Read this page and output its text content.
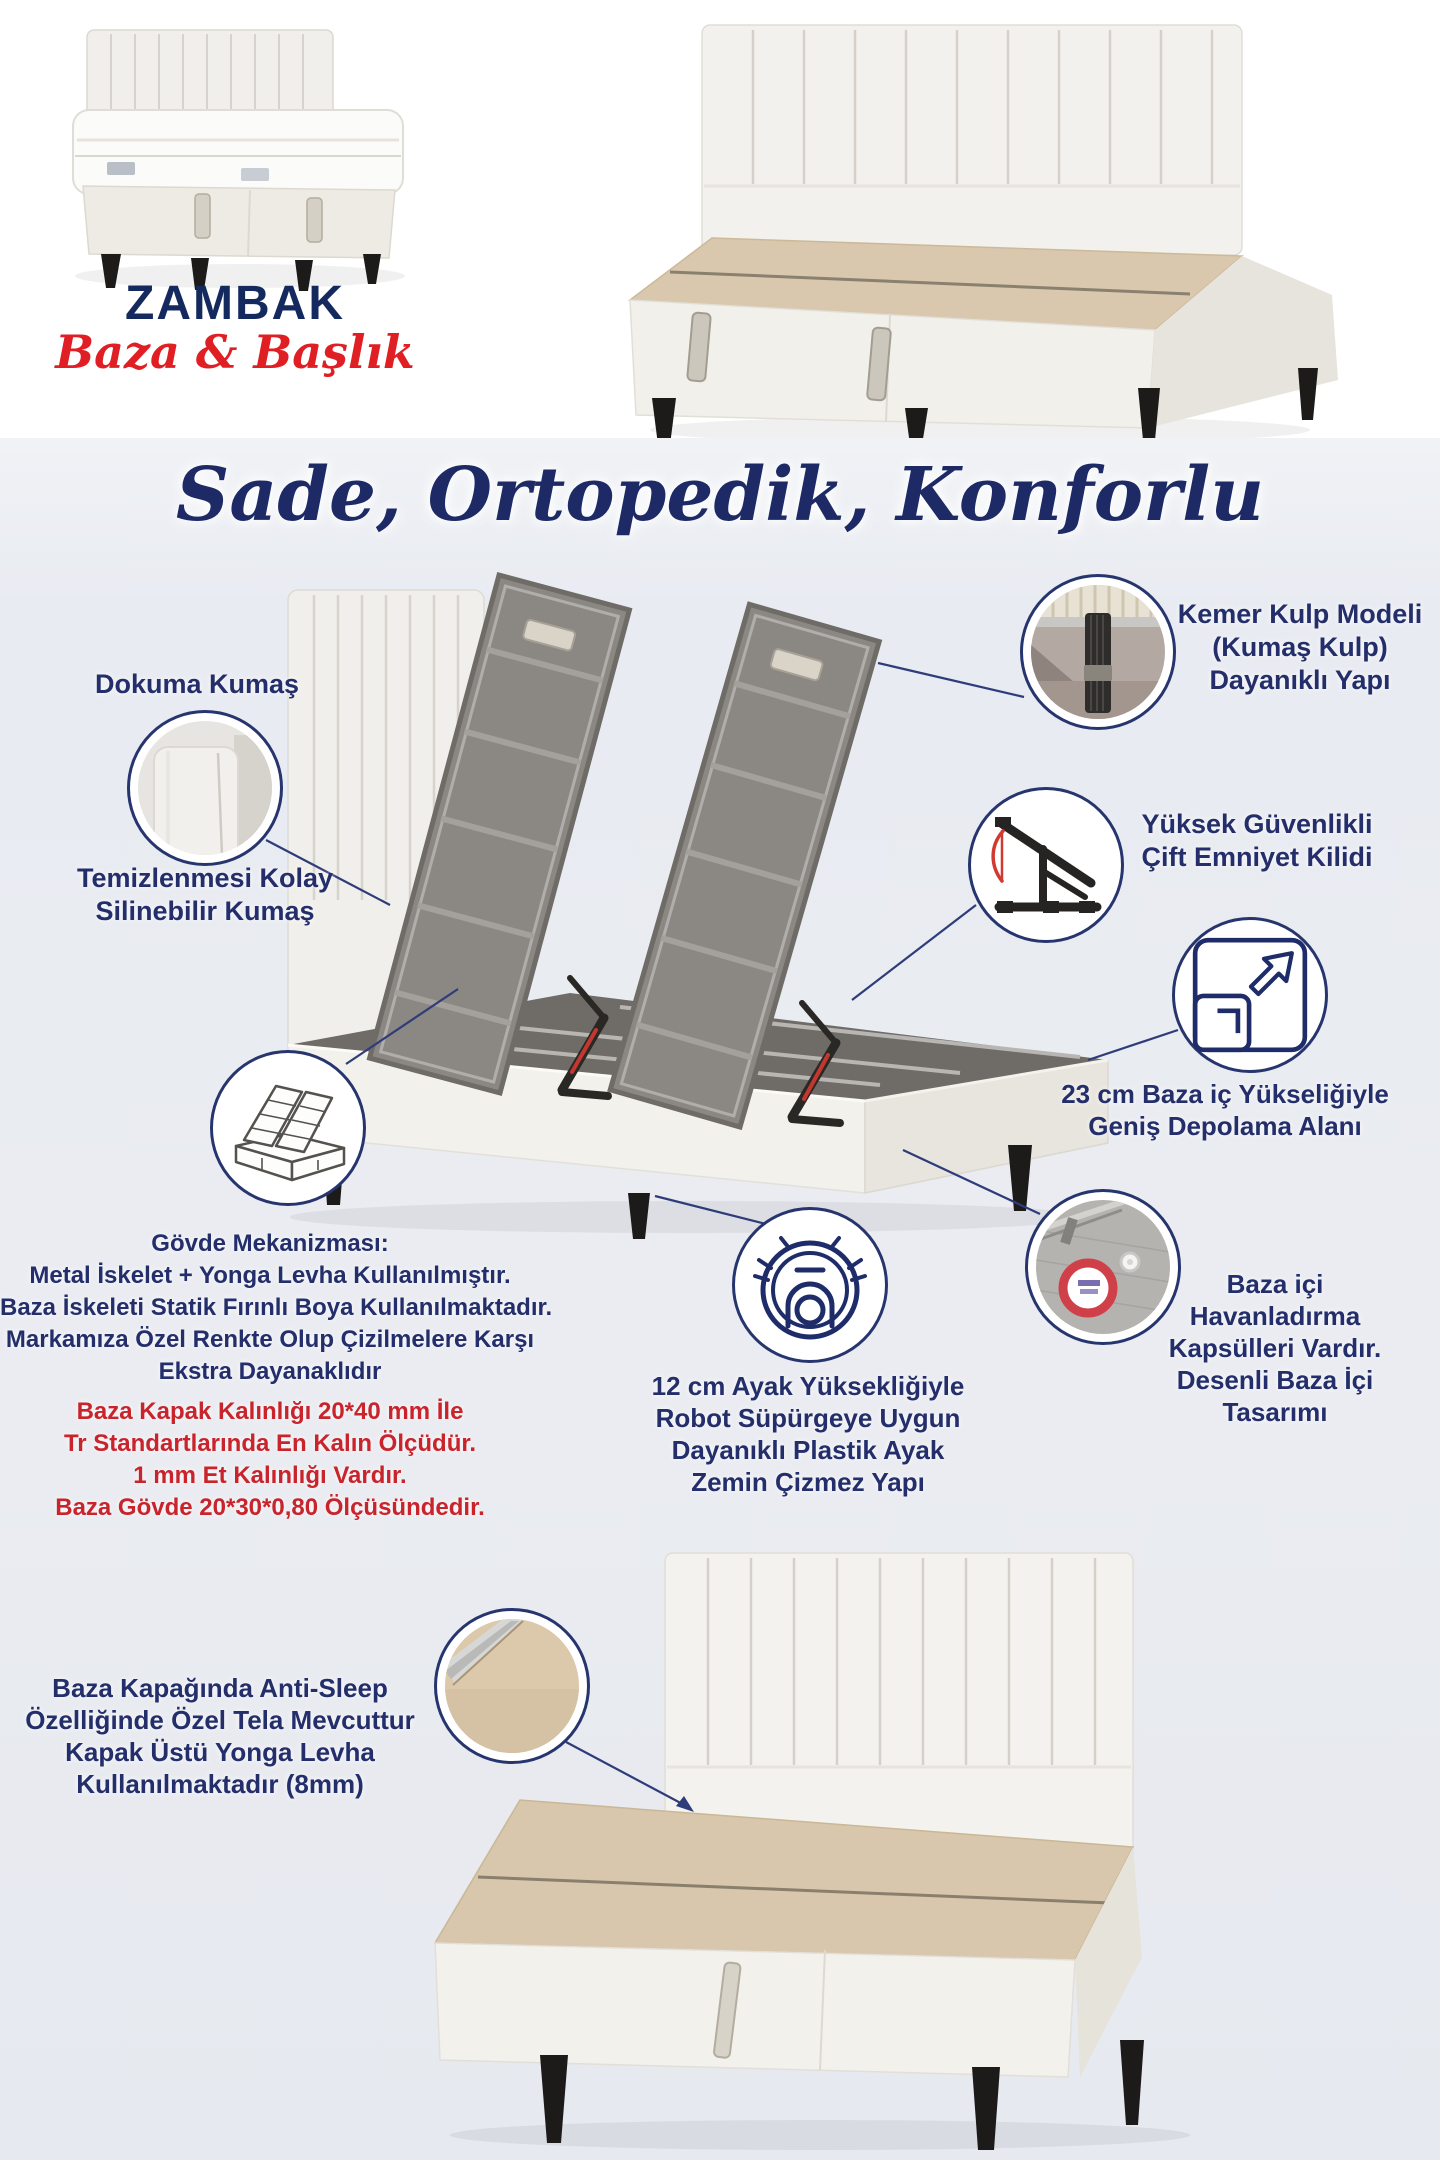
ZAMBAK
Baza & Başlık
Sade, Ortopedik, Konforlu
Dokuma Kumaş
Temizlenmesi Kolay
Silinebilir Kumaş
Kemer Kulp Modeli
(Kumaş Kulp)
Dayanıklı Yapı
Yüksek Güvenlikli
Çift Emniyet Kilidi
23 cm Baza iç Yükseliğiyle
Geniş Depolama Alanı
Gövde Mekanizması:
Metal İskelet + Yonga Levha Kullanılmıştır.
Baza İskeleti Statik Fırınlı Boya Kullanılmaktadır.
Markamıza Özel Renkte Olup Çizilmelere Karşı
Ekstra Dayanaklıdır
Baza Kapak Kalınlığı 20*40 mm İle
Tr Standartlarında En Kalın Ölçüdür.
1 mm Et Kalınlığı Vardır.
Baza Gövde 20*30*0,80 Ölçüsündedir.
12 cm Ayak Yüksekliğiyle
Robot Süpürgeye Uygun
Dayanıklı Plastik Ayak
Zemin Çizmez Yapı
Baza içi
Havanladırma
Kapsülleri Vardır.
Desenli Baza İçi
Tasarımı
Baza Kapağında Anti-Sleep
Özelliğinde Özel Tela Mevcuttur
Kapak Üstü Yonga Levha
Kullanılmaktadır (8mm)
